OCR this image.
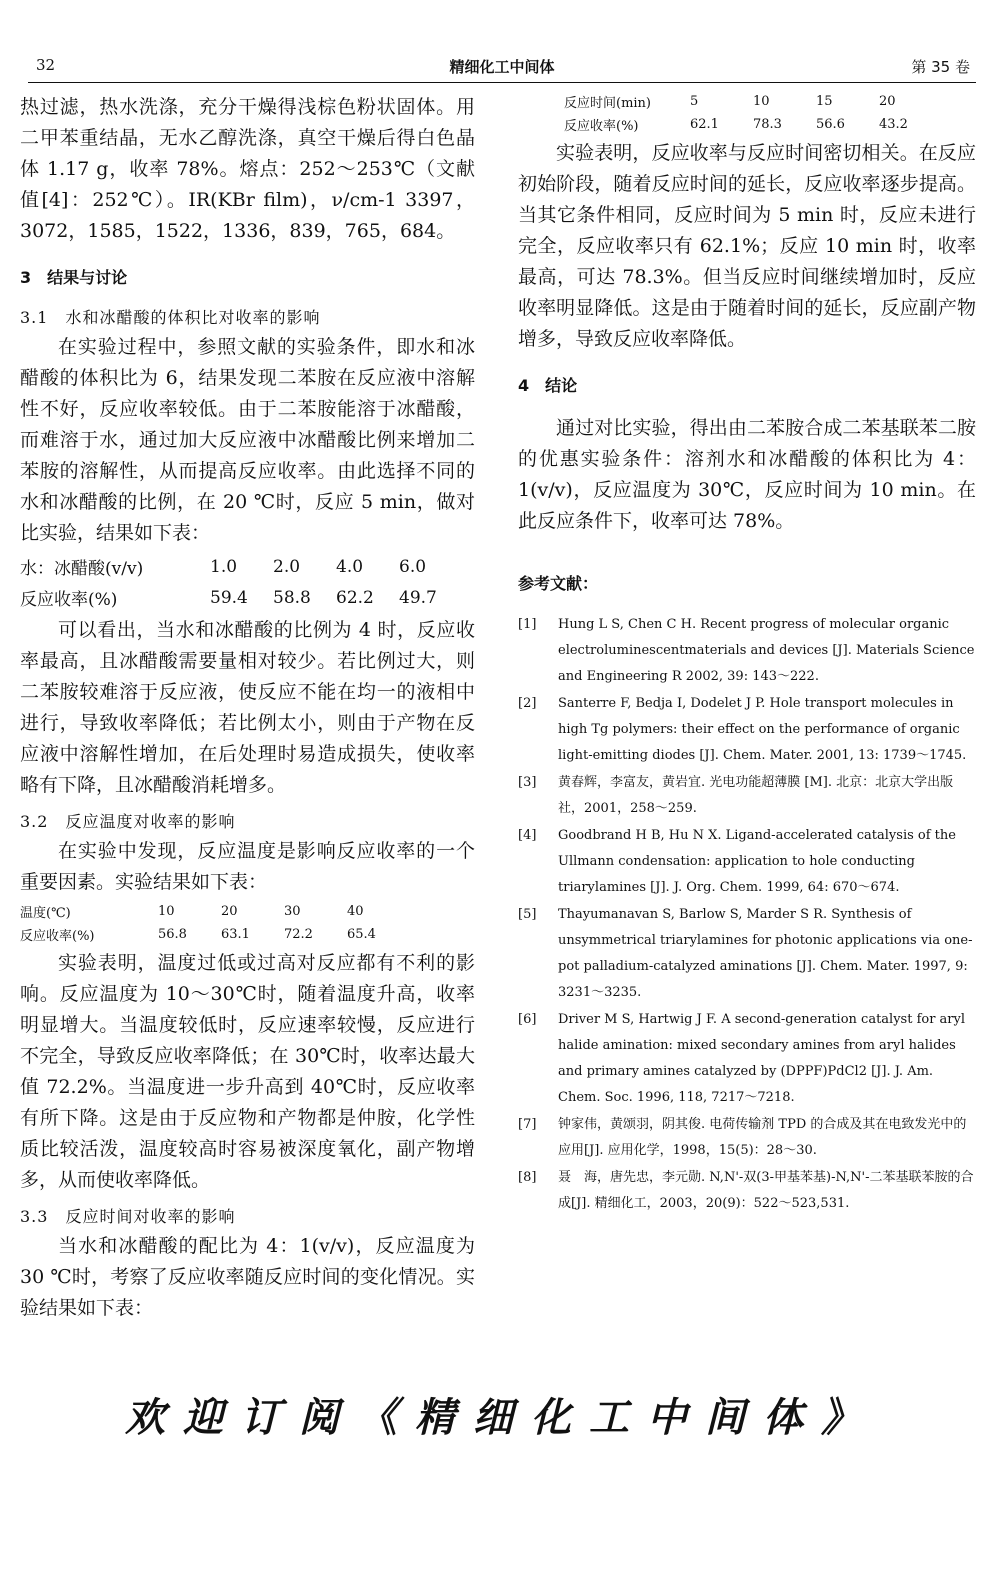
32	精细化工中间体	第 35 卷

热过滤，热水洗涤，充分干燥得浅棕色粉状固体。用二甲苯重结晶，无水乙醇洗涤，真空干燥后得白色晶体 1.17 g，收率 78%。熔点：252～253℃（文献值[4]：252℃）。IR(KBr film)，ν/cm-1 3397，3072，1585，1522，1336，839，765，684。

3　结果与讨论
3.1　水和冰醋酸的体积比对收率的影响

在实验过程中，参照文献的实验条件，即水和冰醋酸的体积比为 6，结果发现二苯胺在反应液中溶解性不好，反应收率较低。由于二苯胺能溶于冰醋酸，而难溶于水，通过加大反应液中冰醋酸比例来增加二苯胺的溶解性，从而提高反应收率。由此选择不同的水和冰醋酸的比例，在 20 ℃时，反应 5 min，做对比实验，结果如下表：

水：冰醋酸(v/v)	1.0	2.0	4.0	6.0
反应收率(%)	59.4	58.8	62.2	49.7

可以看出，当水和冰醋酸的比例为 4 时，反应收率最高，且冰醋酸需要量相对较少。若比例过大，则二苯胺较难溶于反应液，使反应不能在均一的液相中进行，导致收率降低；若比例太小，则由于产物在反应液中溶解性增加，在后处理时易造成损失，使收率略有下降，且冰醋酸消耗增多。

3.2　反应温度对收率的影响

在实验中发现，反应温度是影响反应收率的一个重要因素。实验结果如下表：

温度(℃)	10	20	30	40
反应收率(%)	56.8	63.1	72.2	65.4

实验表明，温度过低或过高对反应都有不利的影响。反应温度为 10～30℃时，随着温度升高，收率明显增大。当温度较低时，反应速率较慢，反应进行不完全，导致反应收率降低；在 30℃时，收率达最大值 72.2%。当温度进一步升高到 40℃时，反应收率有所下降。这是由于反应物和产物都是仲胺，化学性质比较活泼，温度较高时容易被深度氧化，副产物增多，从而使收率降低。

3.3　反应时间对收率的影响

当水和冰醋酸的配比为 4：1(v/v)，反应温度为 30 ℃时，考察了反应收率随反应时间的变化情况。实验结果如下表：

反应时间(min)	5	10	15	20
反应收率(%)	62.1	78.3	56.6	43.2

实验表明，反应收率与反应时间密切相关。在反应初始阶段，随着反应时间的延长，反应收率逐步提高。当其它条件相同，反应时间为 5 min 时，反应未进行完全，反应收率只有 62.1%；反应 10 min 时，收率最高，可达 78.3%。但当反应时间继续增加时，反应收率明显降低。这是由于随着时间的延长，反应副产物增多，导致反应收率降低。

4　结论

通过对比实验，得出由二苯胺合成二苯基联苯二胺的优惠实验条件：溶剂水和冰醋酸的体积比为 4：1(v/v)，反应温度为 30℃，反应时间为 10 min。在此反应条件下，收率可达 78%。

参考文献：
[1] Hung L S, Chen C H. Recent progress of molecular organic electroluminescentmaterials and devices [J]. Materials Science and Engineering R 2002, 39: 143～222.
[2] Santerre F, Bedja I, Dodelet J P. Hole transport molecules in high Tg polymers: their effect on the performance of organic light-emitting diodes [J]. Chem. Mater. 2001, 13: 1739～1745.
[3] 黄春辉，李富友，黄岩宜. 光电功能超薄膜 [M]. 北京：北京大学出版社，2001，258～259.
[4] Goodbrand H B, Hu N X. Ligand-accelerated catalysis of the Ullmann condensation: application to hole conducting triarylamines [J]. J. Org. Chem. 1999, 64: 670～674.
[5] Thayumanavan S, Barlow S, Marder S R. Synthesis of unsymmetrical triarylamines for photonic applications via one-pot palladium-catalyzed aminations [J]. Chem. Mater. 1997, 9: 3231～3235.
[6] Driver M S, Hartwig J F. A second-generation catalyst for aryl halide amination: mixed secondary amines from aryl halides and primary amines catalyzed by (DPPF)PdCl2 [J]. J. Am. Chem. Soc. 1996, 118, 7217～7218.
[7] 钟家伟，黄颂羽，阴其俊. 电荷传输剂 TPD 的合成及其在电致发光中的应用[J]. 应用化学，1998，15(5)：28～30.
[8] 聂　海，唐先忠，李元勋. N,N'-双(3-甲基苯基)-N,N'-二苯基联苯胺的合成[J]. 精细化工，2003，20(9)：522～523,531.
欢迎订阅《精细化工中间体》
